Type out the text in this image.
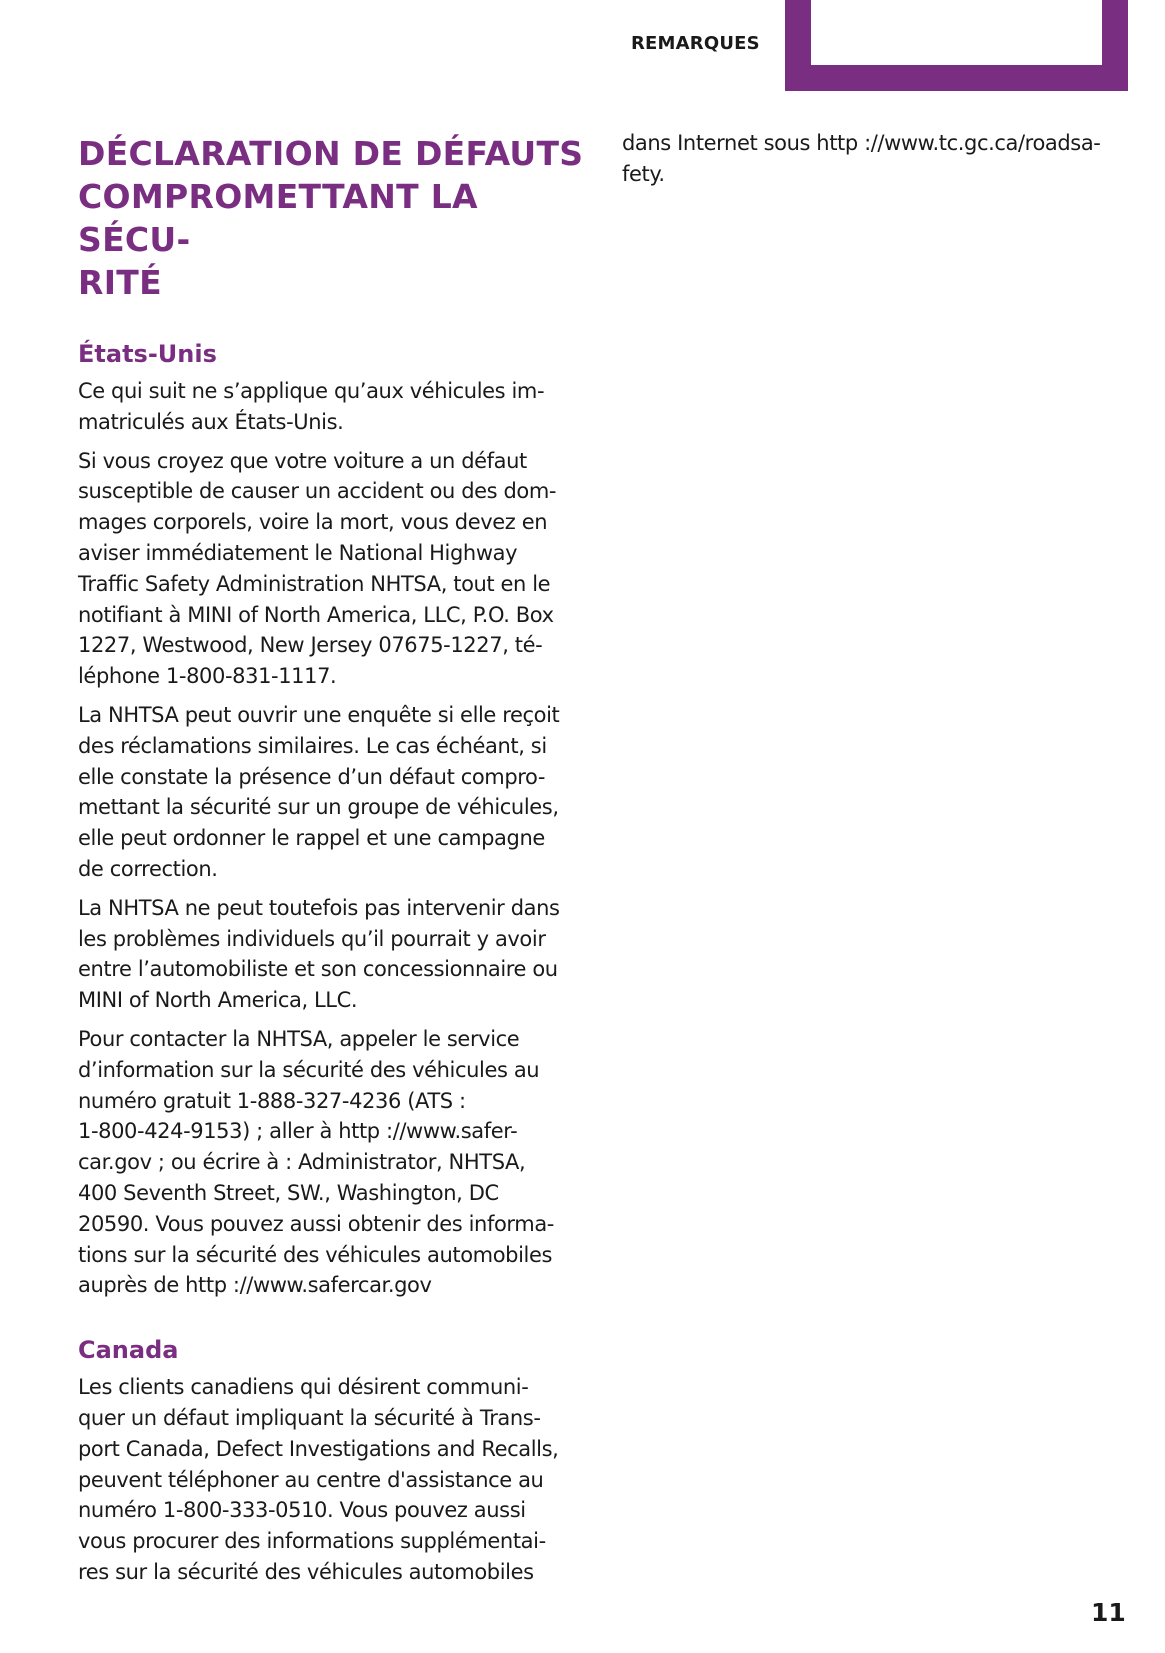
REMARQUES
DÉCLARATION DE DÉFAUTS
COMPROMETTANT LA SÉCU-
RITÉ
États-Unis

Ce qui suit ne s’applique qu’aux véhicules im-
matriculés aux États-Unis.

Si vous croyez que votre voiture a un défaut
susceptible de causer un accident ou des dom-
mages corporels, voire la mort, vous devez en
aviser immédiatement le National Highway
Traffic Safety Administration NHTSA, tout en le
notifiant à MINI of North America, LLC, P.O. Box
1227, Westwood, New Jersey 07675-1227, té-
léphone 1-800-831-1117.

La NHTSA peut ouvrir une enquête si elle reçoit
des réclamations similaires. Le cas échéant, si
elle constate la présence d’un défaut compro-
mettant la sécurité sur un groupe de véhicules,
elle peut ordonner le rappel et une campagne
de correction.

La NHTSA ne peut toutefois pas intervenir dans
les problèmes individuels qu’il pourrait y avoir
entre l’automobiliste et son concessionnaire ou
MINI of North America, LLC.

Pour contacter la NHTSA, appeler le service
d’information sur la sécurité des véhicules au
numéro gratuit 1-888-327-4236 (ATS :
1-800-424-9153) ; aller à http ://www.safer-
car.gov ; ou écrire à : Administrator, NHTSA,
400 Seventh Street, SW., Washington, DC
20590. Vous pouvez aussi obtenir des informa-
tions sur la sécurité des véhicules automobiles
auprès de http ://www.safercar.gov

Canada

Les clients canadiens qui désirent communi-
quer un défaut impliquant la sécurité à Trans-
port Canada, Defect Investigations and Recalls,
peuvent téléphoner au centre d'assistance au
numéro 1-800-333-0510. Vous pouvez aussi
vous procurer des informations supplémentai-
res sur la sécurité des véhicules automobiles

dans Internet sous http ://www.tc.gc.ca/roadsa-
fety.

11
